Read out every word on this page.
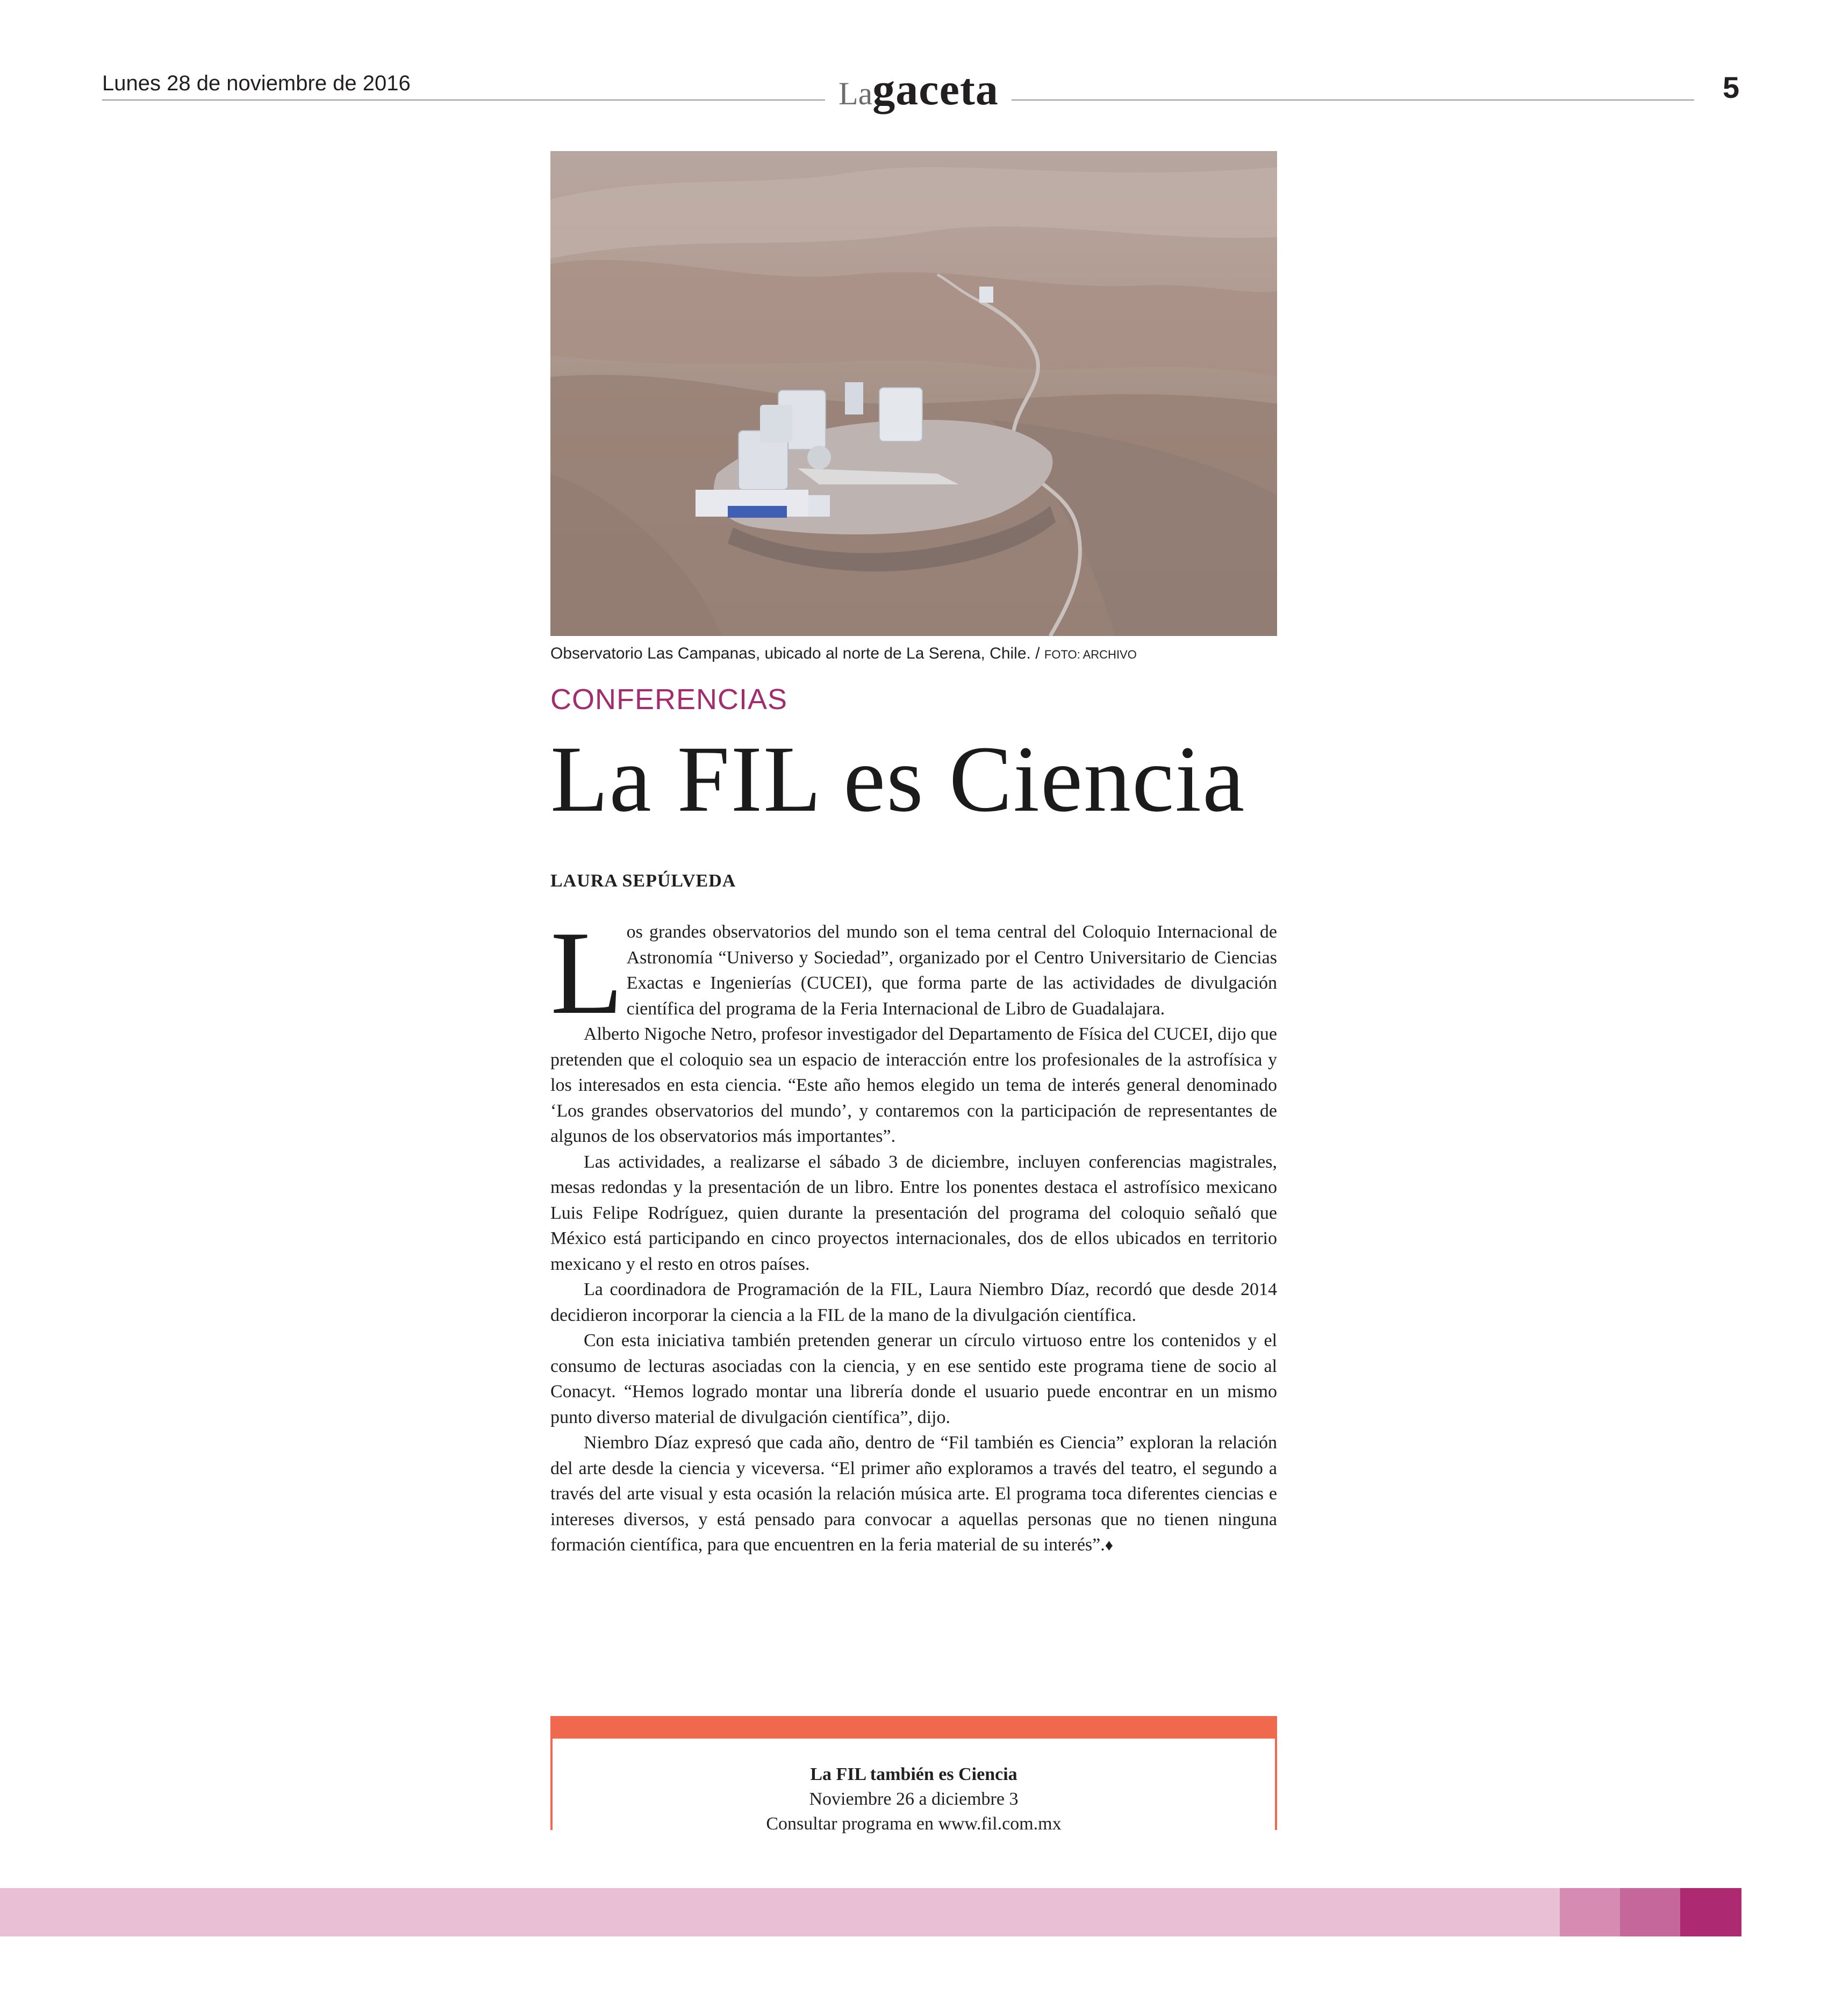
Lunes 28 de noviembre de 2016	Lagaceta	5
Observatorio Las Campanas, ubicado al norte de La Serena, Chile. / FOTO: ARCHIVO
CONFERENCIAS
La FIL es Ciencia
LAURA SEPÚLVEDA

Los grandes observatorios del mundo son el tema central del Coloquio Internacional de Astronomía “Universo y Sociedad”, organizado por el Centro Universitario de Ciencias Exactas e Ingenierías (CUCEI), que forma parte de las actividades de divulgación científica del programa de la Feria Internacional de Libro de Guadalajara.

Alberto Nigoche Netro, profesor investigador del Departamento de Física del CUCEI, dijo que pretenden que el coloquio sea un espacio de interacción entre los profesionales de la astrofísica y los interesados en esta ciencia. “Este año hemos elegido un tema de interés general denominado ‘Los grandes observatorios del mundo’, y contaremos con la participación de representantes de algunos de los observatorios más importantes”.

Las actividades, a realizarse el sábado 3 de diciembre, incluyen conferencias magistrales, mesas redondas y la presentación de un libro. Entre los ponentes destaca el astrofísico mexicano Luis Felipe Rodríguez, quien durante la presentación del programa del coloquio señaló que México está participando en cinco proyectos internacionales, dos de ellos ubicados en territorio mexicano y el resto en otros países.

La coordinadora de Programación de la FIL, Laura Niembro Díaz, recordó que desde 2014 decidieron incorporar la ciencia a la FIL de la mano de la divulgación científica.

Con esta iniciativa también pretenden generar un círculo virtuoso entre los contenidos y el consumo de lecturas asociadas con la ciencia, y en ese sentido este programa tiene de socio al Conacyt. “Hemos logrado montar una librería donde el usuario puede encontrar en un mismo punto diverso material de divulgación científica”, dijo.

Niembro Díaz expresó que cada año, dentro de “Fil también es Ciencia” exploran la relación del arte desde la ciencia y viceversa. “El primer año exploramos a través del teatro, el segundo a través del arte visual y esta ocasión la relación música arte. El programa toca diferentes ciencias e intereses diversos, y está pensado para convocar a aquellas personas que no tienen ninguna formación científica, para que encuentren en la feria material de su interés”.♦

La FIL también es Ciencia
Noviembre 26 a diciembre 3
Consultar programa en www.fil.com.mx
